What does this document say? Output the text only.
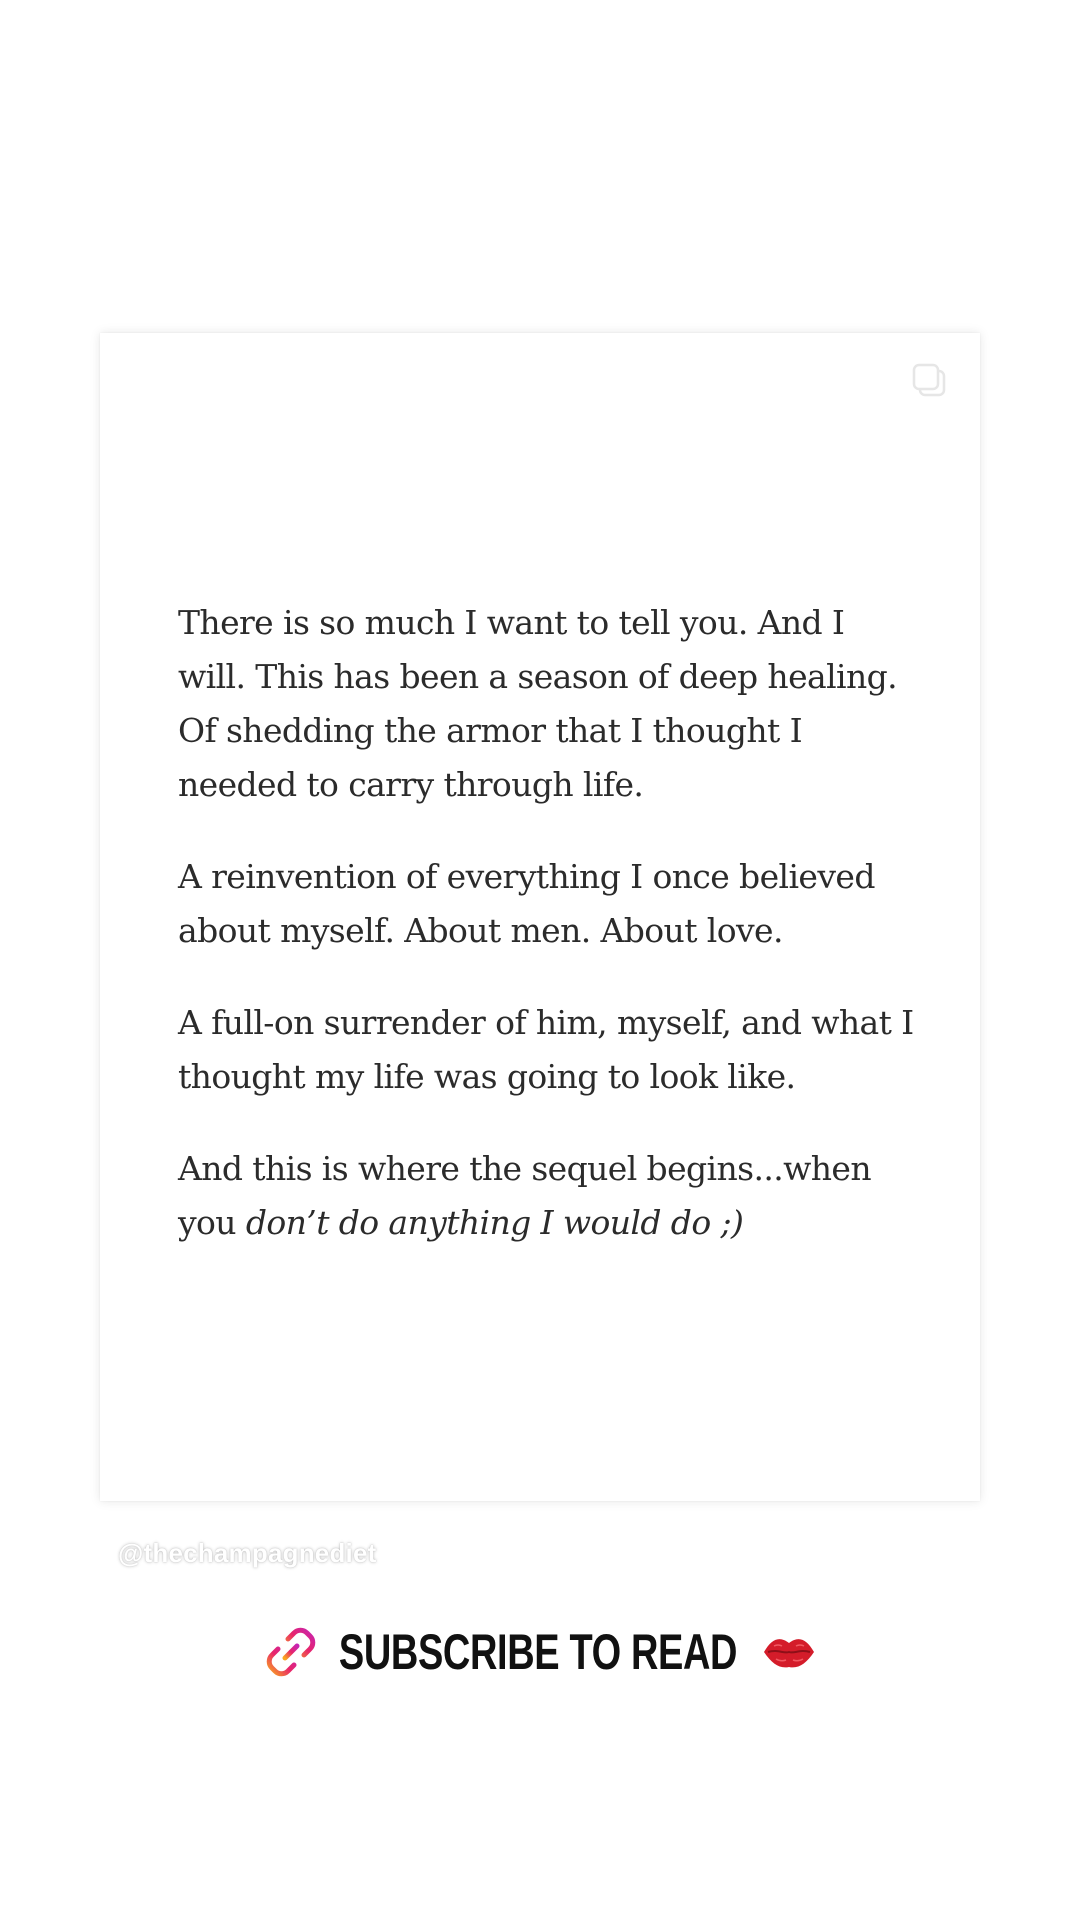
There is so much I want to tell you. And I will. This has been a season of deep healing. Of shedding the armor that I thought I needed to carry through life.

A reinvention of everything I once believed about myself. About men. About love.

A full-on surrender of him, myself, and what I thought my life was going to look like.

And this is where the sequel begins...when you don’t do anything I would do ;)

@thechampagnediet
SUBSCRIBE TO READ
